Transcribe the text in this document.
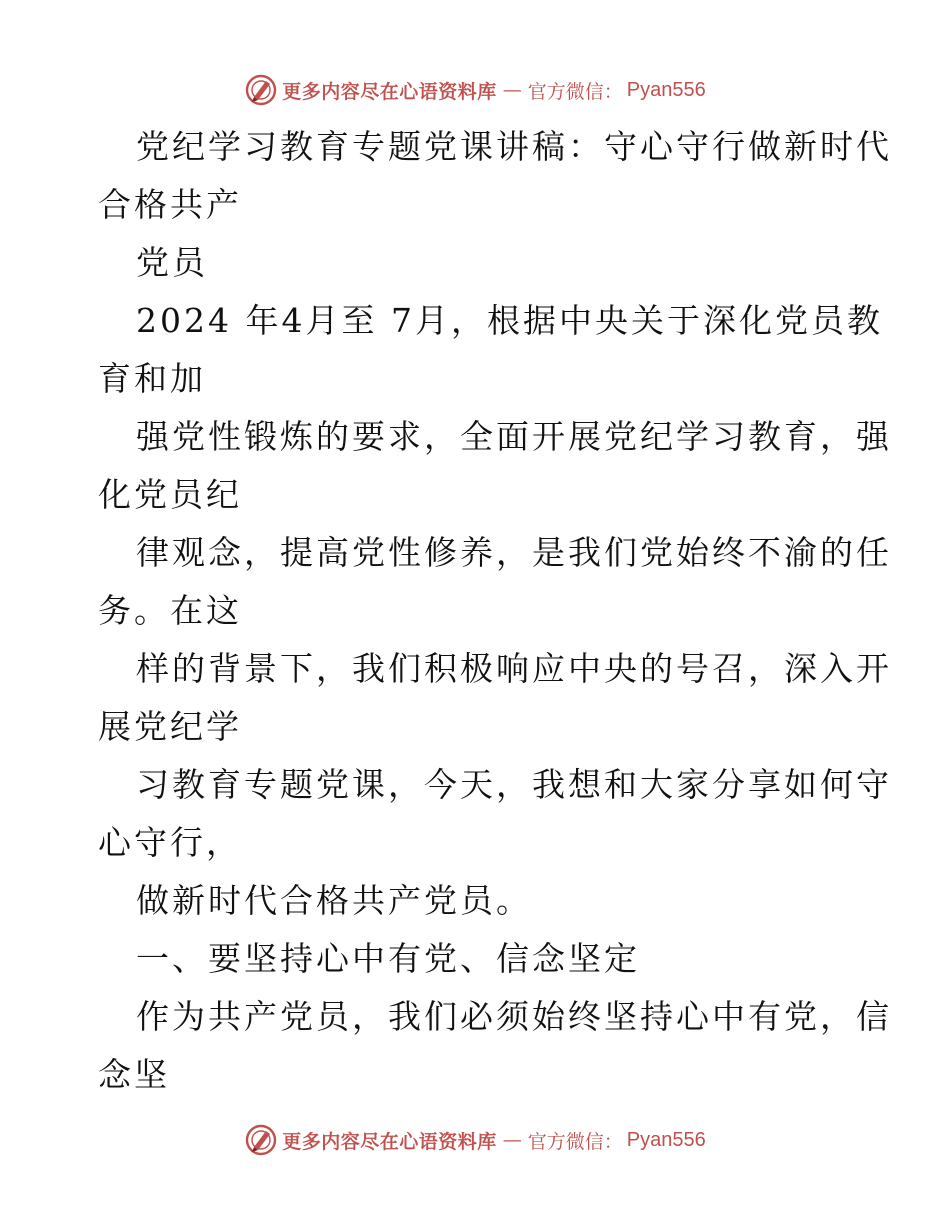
更多内容尽在心语资料库 — 官方微信： Pyan556
党纪学习教育专题党课讲稿：守心守行做新时代
合格共产
党员
2024 年4月至 7月，根据中央关于深化党员教
育和加
强党性锻炼的要求，全面开展党纪学习教育，强
化党员纪
律观念，提高党性修养，是我们党始终不渝的任
务。在这
样的背景下，我们积极响应中央的号召，深入开
展党纪学
习教育专题党课，今天，我想和大家分享如何守
心守行，
做新时代合格共产党员。
一、要坚持心中有党、信念坚定
作为共产党员，我们必须始终坚持心中有党，信
念坚
更多内容尽在心语资料库 — 官方微信： Pyan556
